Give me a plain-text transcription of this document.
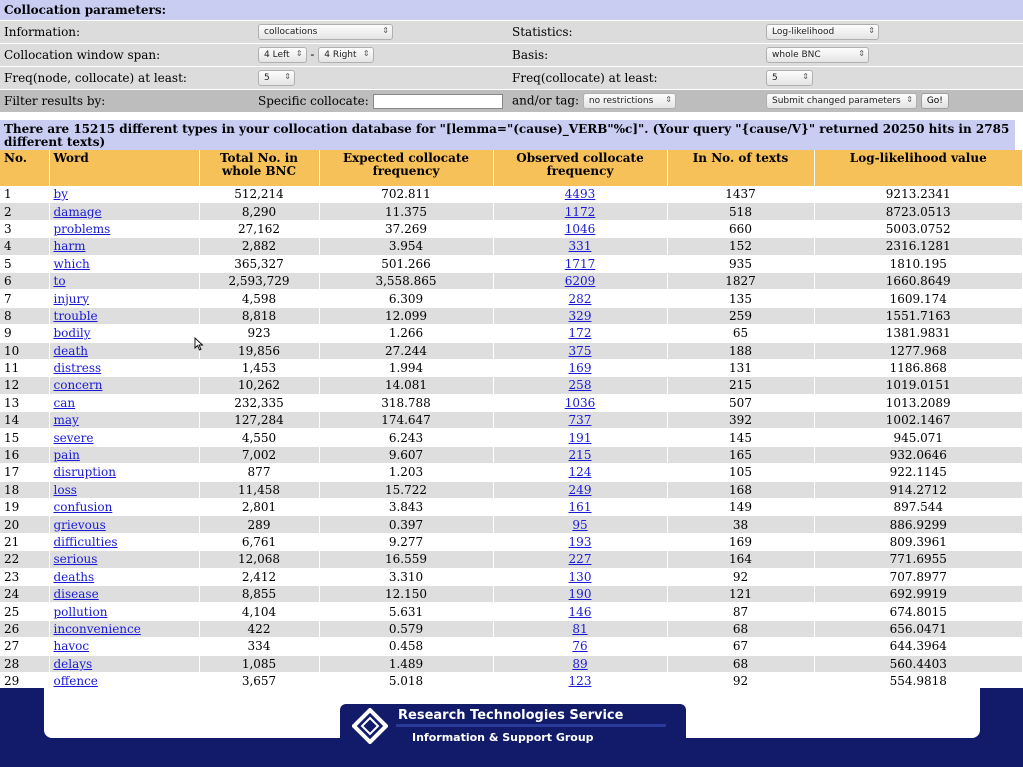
Collocation parameters:			
Information:	collocations ⇕	Statistics:	Log-likelihood ⇕

Collocation window span:	4 Left ⇕ - 4 Right ⇕	Basis:	whole BNC ⇕

Freq(node, collocate) at least:	5 ⇕	Freq(collocate) at least:	5 ⇕

Filter results by:	Specific collocate:	and/or tag: no restrictions ⇕	Submit changed parameters ⇕ Go!
There are 15215 different types in your collocation database for "[lemma="(cause)_VERB"%c]". (Your query "{cause/V}" returned 20250 hits in 2785 different texts)
No.	Word	Total No. in whole BNC	Expected collocate frequency	Observed collocate frequency	In No. of texts	Log-likelihood value
1	by	512,214	702.811	4493	1437	9213.2341
2	damage	8,290	11.375	1172	518	8723.0513
3	problems	27,162	37.269	1046	660	5003.0752
4	harm	2,882	3.954	331	152	2316.1281
5	which	365,327	501.266	1717	935	1810.195
6	to	2,593,729	3,558.865	6209	1827	1660.8649
7	injury	4,598	6.309	282	135	1609.174
8	trouble	8,818	12.099	329	259	1551.7163
9	bodily	923	1.266	172	65	1381.9831
10	death	19,856	27.244	375	188	1277.968
11	distress	1,453	1.994	169	131	1186.868
12	concern	10,262	14.081	258	215	1019.0151
13	can	232,335	318.788	1036	507	1013.2089
14	may	127,284	174.647	737	392	1002.1467
15	severe	4,550	6.243	191	145	945.071
16	pain	7,002	9.607	215	165	932.0646
17	disruption	877	1.203	124	105	922.1145
18	loss	11,458	15.722	249	168	914.2712
19	confusion	2,801	3.843	161	149	897.544
20	grievous	289	0.397	95	38	886.9299
21	difficulties	6,761	9.277	193	169	809.3961
22	serious	12,068	16.559	227	164	771.6955
23	deaths	2,412	3.310	130	92	707.8977
24	disease	8,855	12.150	190	121	692.9919
25	pollution	4,104	5.631	146	87	674.8015
26	inconvenience	422	0.579	81	68	656.0471
27	havoc	334	0.458	76	67	644.3964
28	delays	1,085	1.489	89	68	560.4403
29	offence	3,657	5.018	123	92	554.9818
Research Technologies Service
Information & Support Group
